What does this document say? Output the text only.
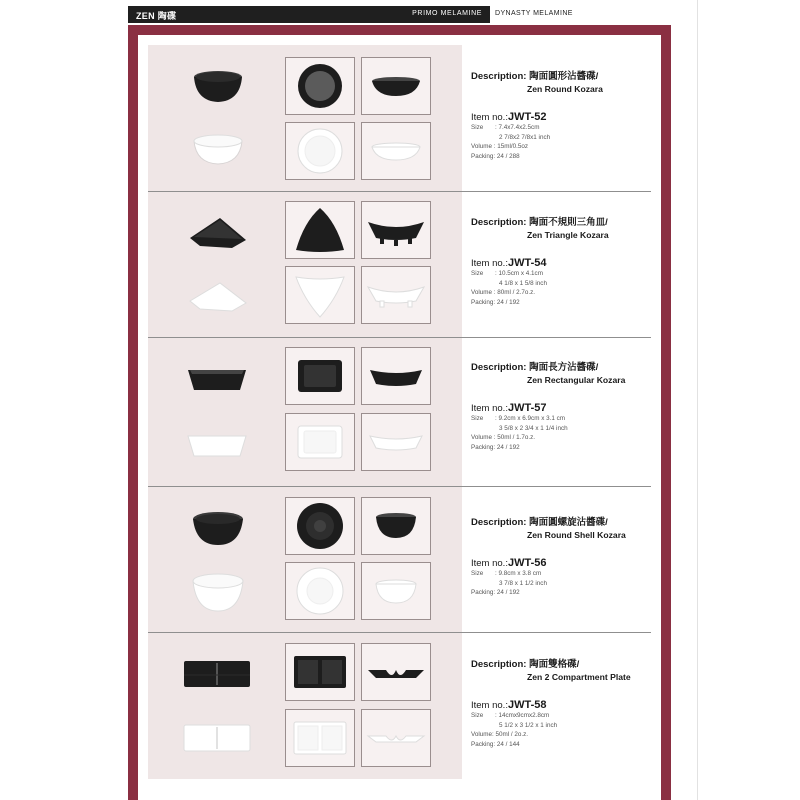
ZEN 陶碟	PRIMO MELAMINE DYNASTY MELAMINE
Description: 陶面圓形沾醬碟/
Zen Round Kozara
Item no.:JWT-52
Size : 7.4x7.4x2.5cm
2 7/8x2 7/8x1 inch
Volume : 15ml/0.5oz
Packing: 24 / 288
Description: 陶面不規則三角皿/
Zen Triangle Kozara
Item no.:JWT-54
Size : 10.5cm x 4.1cm
4 1/8 x 1 5/8 inch
Volume : 80ml / 2.7o.z.
Packing: 24 / 192
Description: 陶面長方沾醬碟/
Zen Rectangular Kozara
Item no.:JWT-57
Size : 9.2cm x 6.9cm x 3.1 cm
3 5/8 x 2 3/4 x 1 1/4 inch
Volume : 50ml / 1.7o.z.
Packing: 24 / 192
Description: 陶面圓螺旋沾醬碟/
Zen Round Shell Kozara
Item no.:JWT-56
Size : 9.8cm x 3.8 cm
3 7/8 x 1 1/2 inch
Packing: 24 / 192
Description: 陶面雙格碟/
Zen 2 Compartment Plate
Item no.:JWT-58
Size : 14cmx9cmx2.8cm
5 1/2 x 3 1/2 x 1 inch
Volume: 50ml / 2o.z.
Packing: 24 / 144
